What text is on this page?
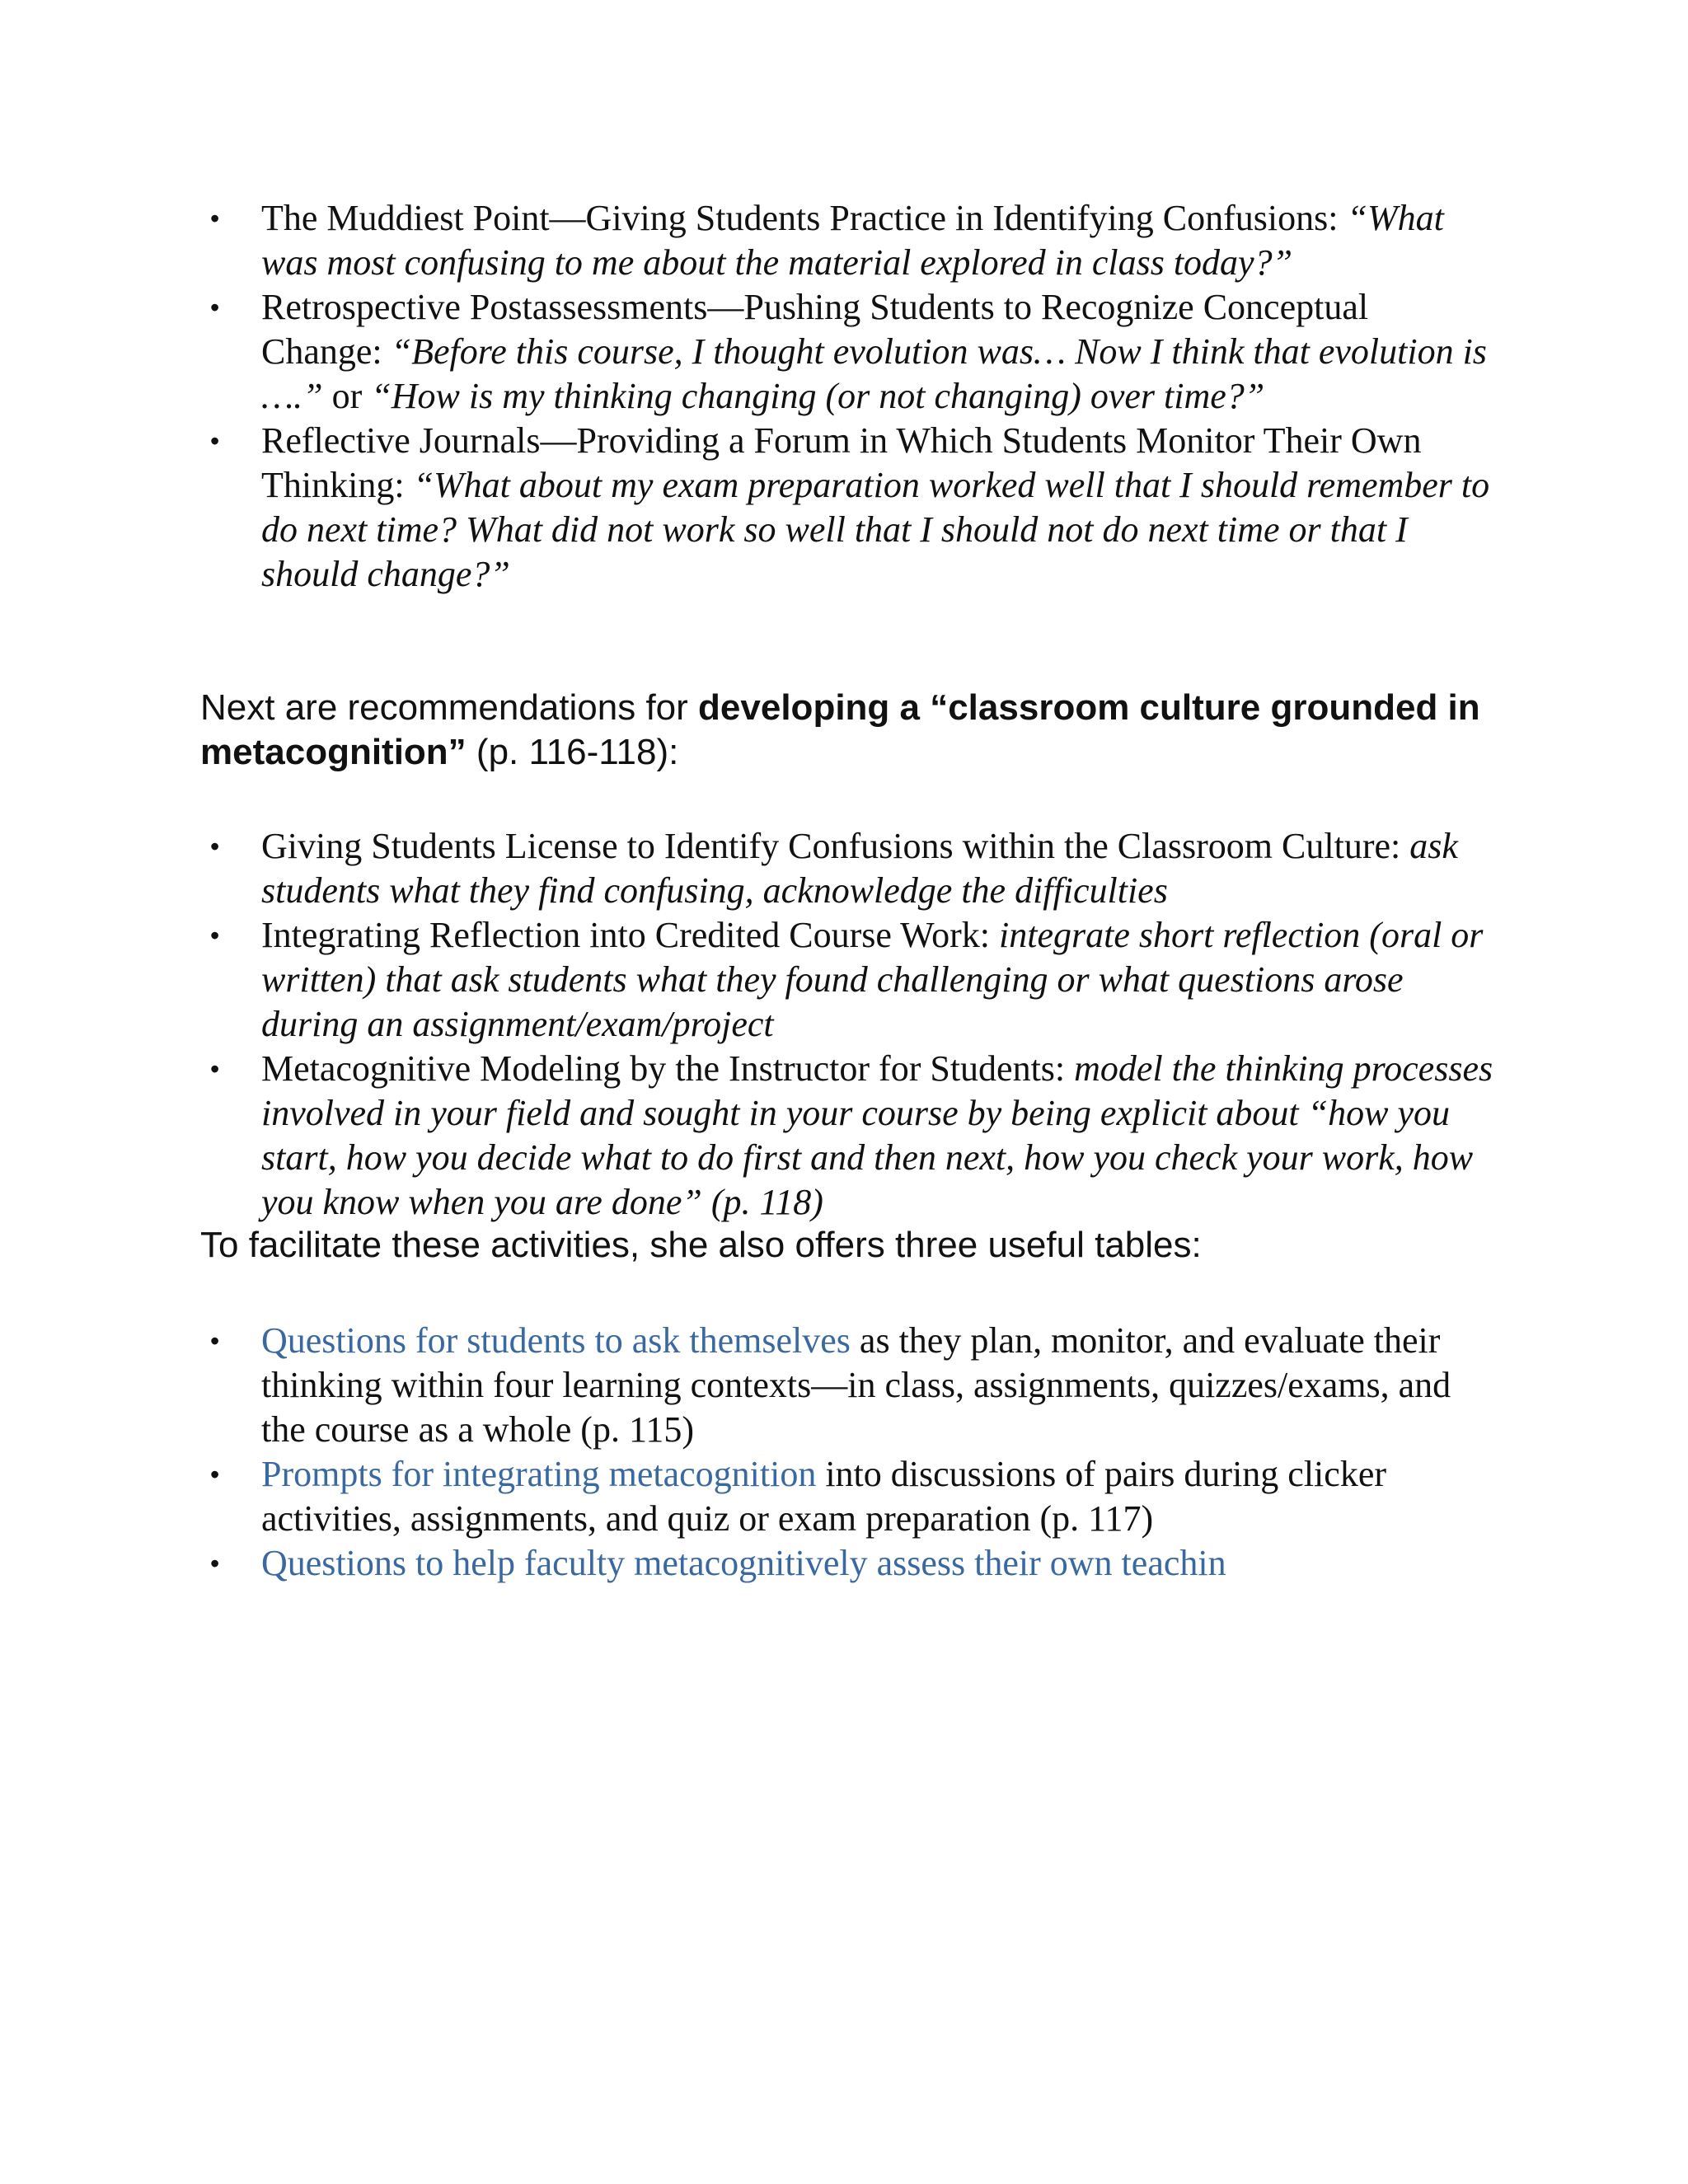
• The Muddiest Point—Giving Students Practice in Identifying Confusions: “What was most confusing to me about the material explored in class today?”
• Retrospective Postassessments—Pushing Students to Recognize Conceptual Change: “Before this course, I thought evolution was… Now I think that evolution is ….” or “How is my thinking changing (or not changing) over time?”
• Reflective Journals—Providing a Forum in Which Students Monitor Their Own Thinking: “What about my exam preparation worked well that I should remember to do next time? What did not work so well that I should not do next time or that I should change?”

Next are recommendations for developing a “classroom culture grounded in metacognition” (p. 116-118):

• Giving Students License to Identify Confusions within the Classroom Culture: ask students what they find confusing, acknowledge the difficulties
• Integrating Reflection into Credited Course Work: integrate short reflection (oral or written) that ask students what they found challenging or what questions arose during an assignment/exam/project
• Metacognitive Modeling by the Instructor for Students: model the thinking processes involved in your field and sought in your course by being explicit about “how you start, how you decide what to do first and then next, how you check your work, how you know when you are done” (p. 118)

To facilitate these activities, she also offers three useful tables:

• Questions for students to ask themselves as they plan, monitor, and evaluate their thinking within four learning contexts—in class, assignments, quizzes/exams, and the course as a whole (p. 115)
• Prompts for integrating metacognition into discussions of pairs during clicker activities, assignments, and quiz or exam preparation (p. 117)
• Questions to help faculty metacognitively assess their own teachin
